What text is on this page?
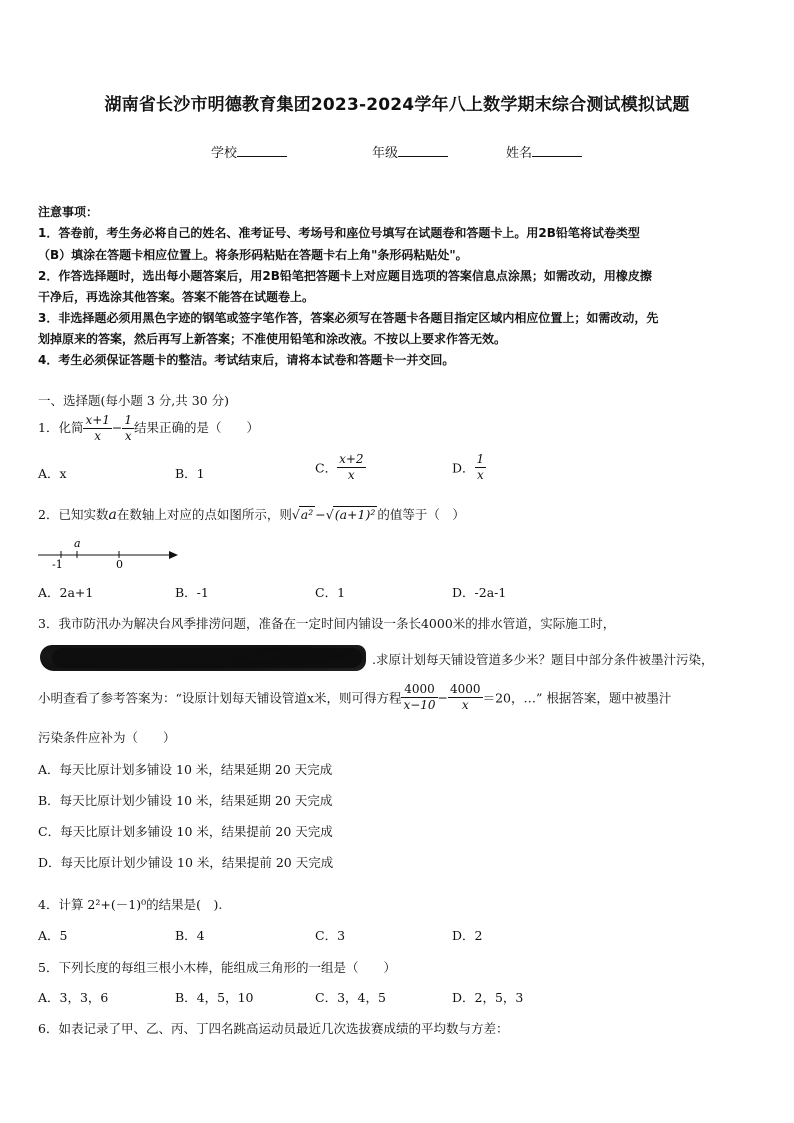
湖南省长沙市明德教育集团2023-2024学年八上数学期末综合测试模拟试题
学校	年级	姓名
注意事项：
1．答卷前，考生务必将自己的姓名、准考证号、考场号和座位号填写在试题卷和答题卡上。用2B铅笔将试卷类型
（B）填涂在答题卡相应位置上。将条形码粘贴在答题卡右上角"条形码粘贴处"。
2．作答选择题时，选出每小题答案后，用2B铅笔把答题卡上对应题目选项的答案信息点涂黑；如需改动，用橡皮擦
干净后，再选涂其他答案。答案不能答在试题卷上。
3．非选择题必须用黑色字迹的钢笔或签字笔作答，答案必须写在答题卡各题目指定区域内相应位置上；如需改动，先
划掉原来的答案，然后再写上新答案；不准使用铅笔和涂改液。不按以上要求作答无效。
4．考生必须保证答题卡的整洁。考试结束后，请将本试卷和答题卡一并交回。
一、选择题(每小题 3 分,共 30 分)
1．化简 $\frac{x+1}{x} - \frac{1}{x}$ 结果正确的是（　　）
A．x	B．1	C． $\frac{x+2}{x}$	D． $\frac{1}{x}$
2．已知实数a在数轴上对应的点如图所示，则√a² −√(a+1)² 的值等于（　）
a
-1	0
A．2a+1	B．-1	C．1	D．-2a-1
3．我市防汛办为解决台风季排涝问题，准备在一定时间内铺设一条长4000米的排水管道，实际施工时，
.求原计划每天铺设管道多少米？题目中部分条件被墨汁污染，
小明查看了参考答案为：“设原计划每天铺设管道x米，则可得方程 $\frac{4000}{x-10} - \frac{4000}{x} =20$，…” 根据答案，题中被墨汁
污染条件应补为（　　）
A．每天比原计划多铺设 10 米，结果延期 20 天完成
B．每天比原计划少铺设 10 米，结果延期 20 天完成
C．每天比原计划多铺设 10 米，结果提前 20 天完成
D．每天比原计划少铺设 10 米，结果提前 20 天完成
4．计算 2²+(－1)⁰的结果是(　).
A．5	B．4	C．3	D．2
5．下列长度的每组三根小木棒，能组成三角形的一组是（　　）
A．3，3，6	B．4，5，10	C．3，4，5	D．2，5，3
6．如表记录了甲、乙、丙、丁四名跳高运动员最近几次选拔赛成绩的平均数与方差：
